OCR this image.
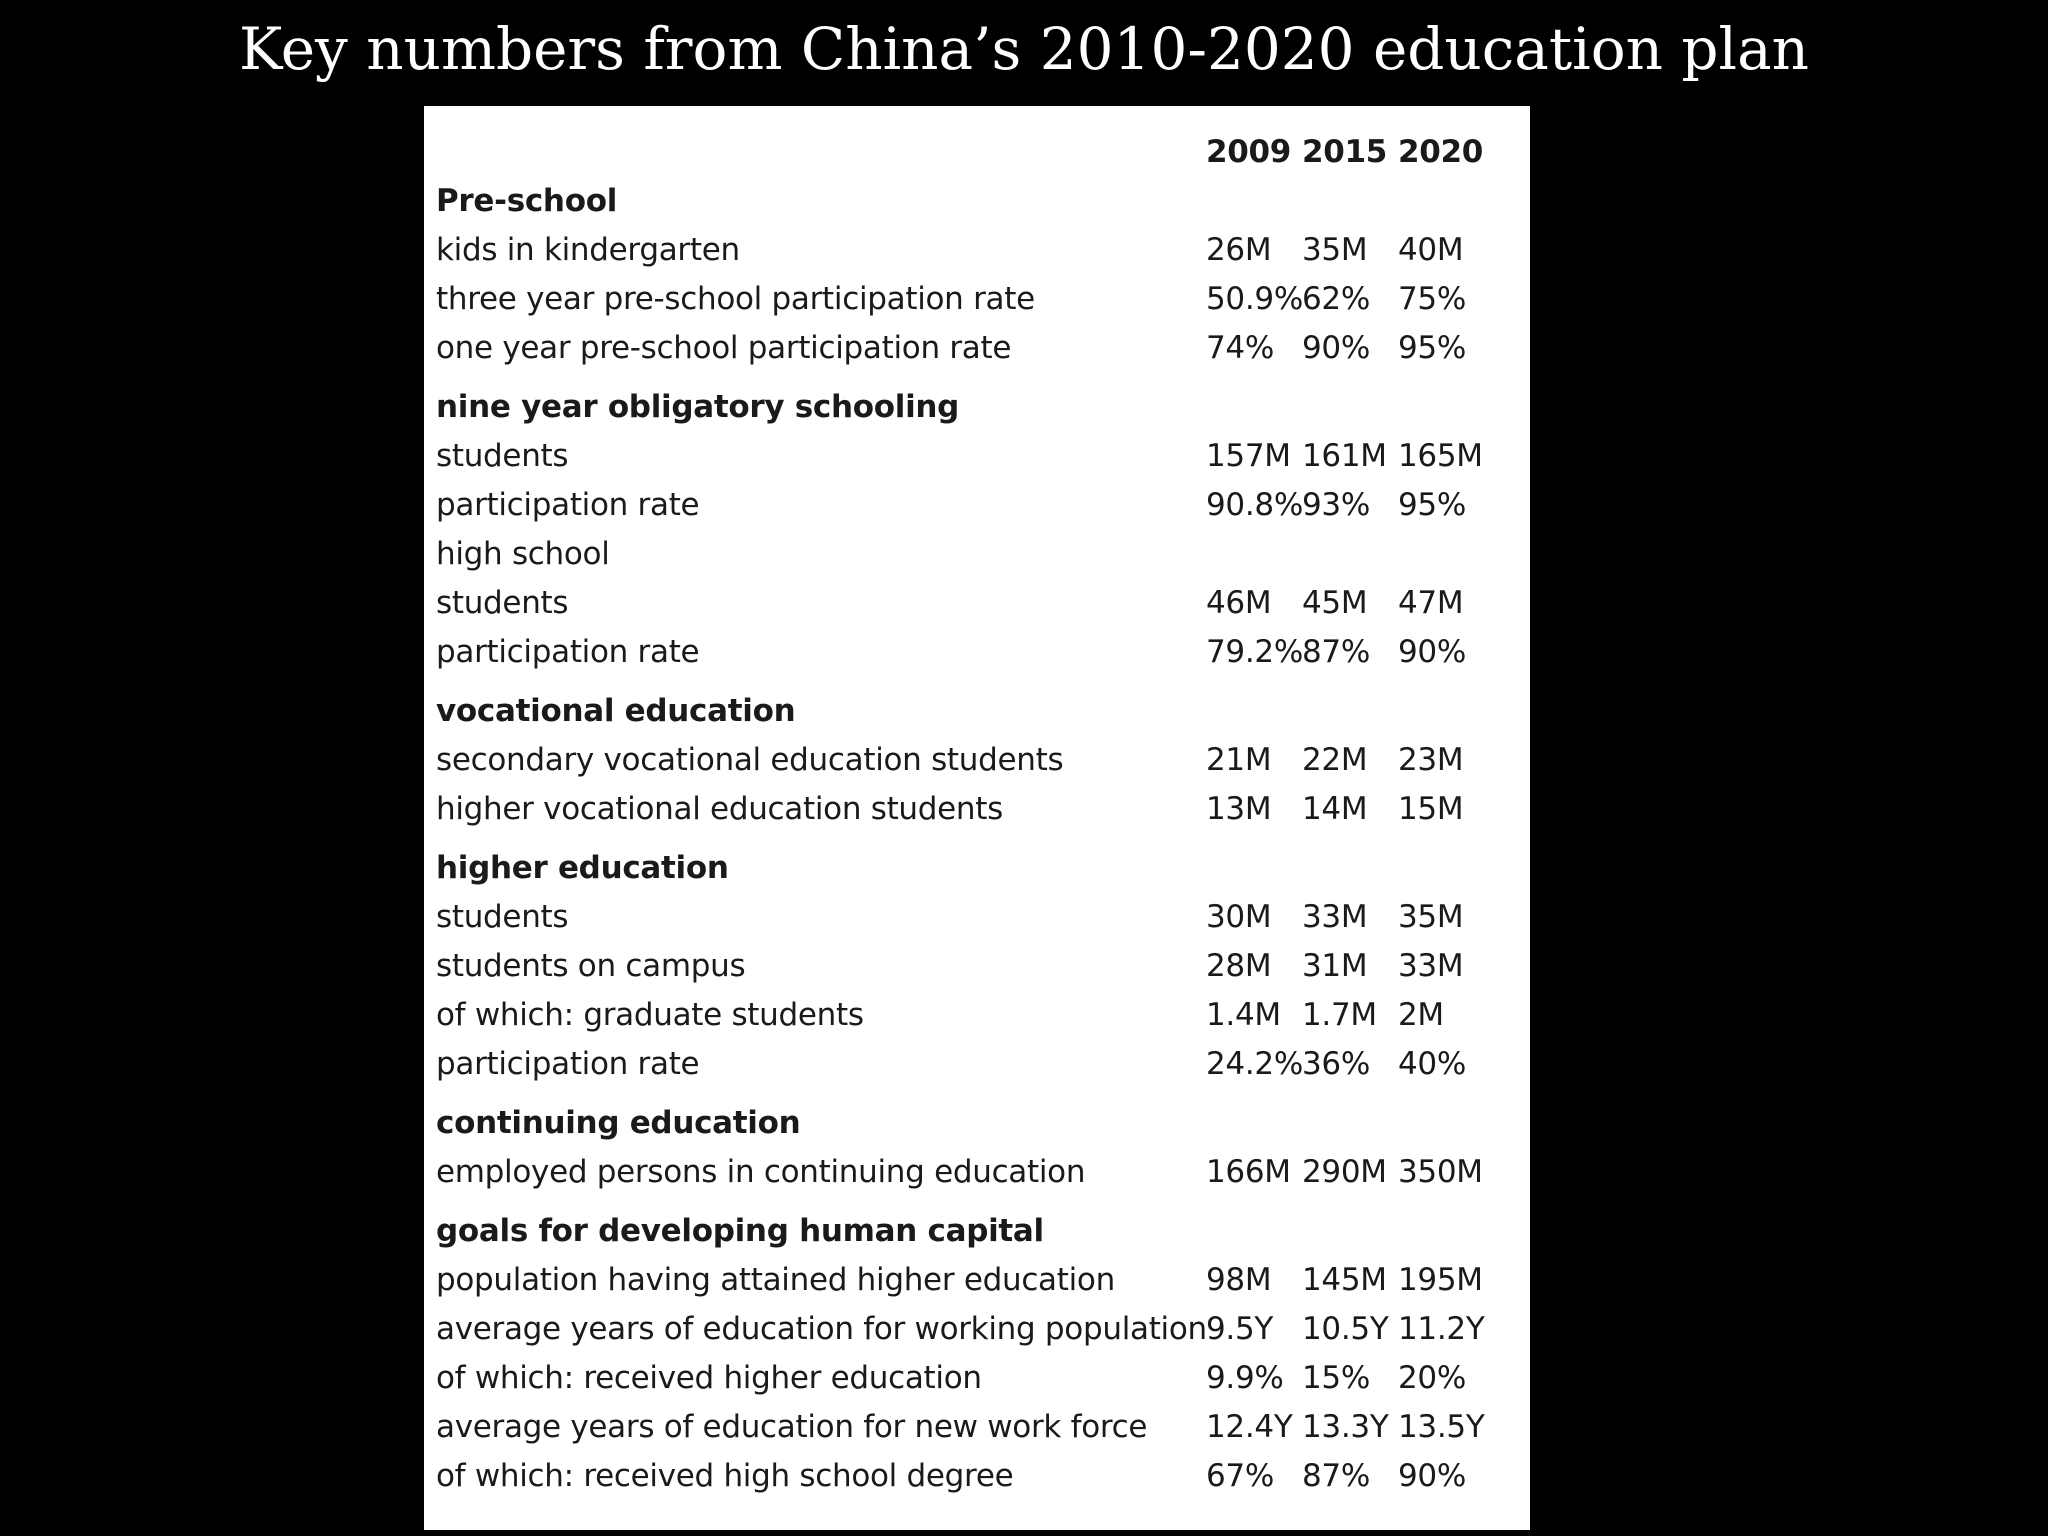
Key numbers from China’s 2010-2020 education plan
2009 2015 2020
Pre-school
kids in kindergarten	26M 35M 40M
three year pre-school participation rate	50.9% 62% 75%
one year pre-school participation rate	74% 90% 95%
nine year obligatory schooling
students	157M 161M 165M
participation rate	90.8% 93% 95%
high school
students	46M 45M 47M
participation rate	79.2% 87% 90%
vocational education
secondary vocational education students	21M 22M 23M
higher vocational education students	13M 14M 15M
higher education
students	30M 33M 35M
students on campus	28M 31M 33M
of which: graduate students	1.4M 1.7M 2M
participation rate	24.2% 36% 40%
continuing education
employed persons in continuing education	166M 290M 350M
goals for developing human capital
population having attained higher education	98M 145M 195M
average years of education for working population 9.5Y 10.5Y 11.2Y
of which: received higher education	9.9% 15% 20%
average years of education for new work force 12.4Y 13.3Y 13.5Y
of which: received high school degree	67% 87% 90%
